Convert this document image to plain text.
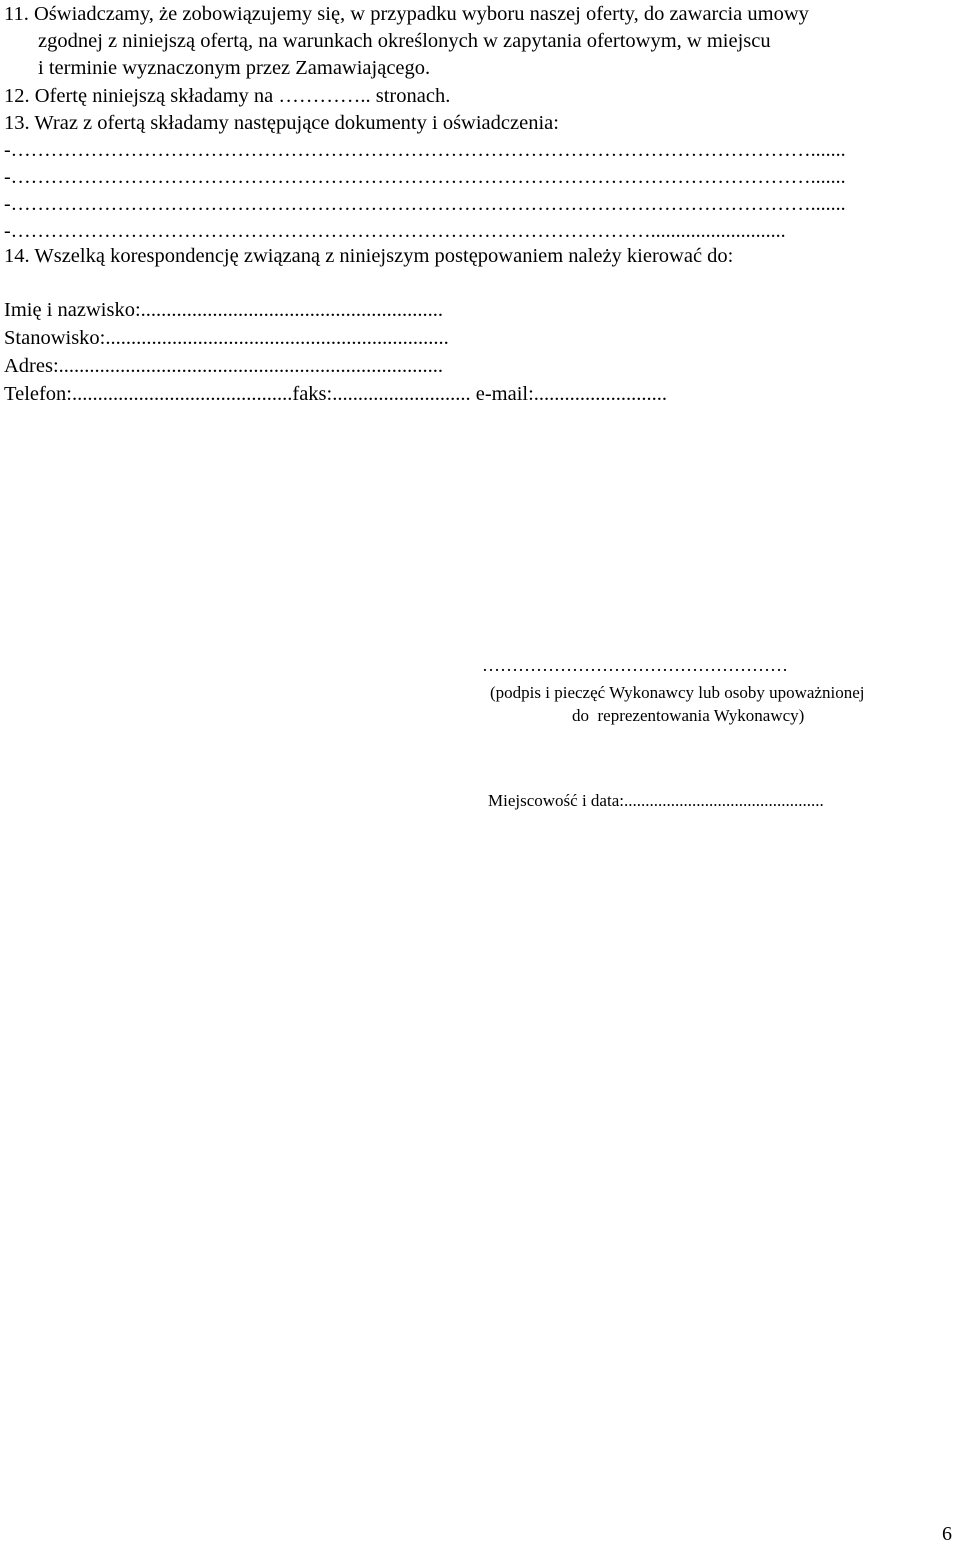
11. Oświadczamy, że zobowiązujemy się, w przypadku wyboru naszej oferty, do zawarcia umowy
zgodnej z niniejszą ofertą, na warunkach określonych w zapytania ofertowym, w miejscu
i terminie wyznaczonym przez Zamawiającego.
12. Ofertę niniejszą składamy na ………….. stronach.
13. Wraz z ofertą składamy następujące dokumenty i oświadczenia:
-………………………………………………………………………………………………………….......
-………………………………………………………………………………………………………….......
-………………………………………………………………………………………………………….......
-……………………………………………………………………………………...........................
14. Wszelką korespondencję związaną z niniejszym postępowaniem należy kierować do:
Imię i nazwisko:...........................................................
Stanowisko:...................................................................
Adres:...........................................................................
Telefon:...........................................faks:........................... e-mail:..........................
……………………………………………
(podpis i pieczęć Wykonawcy lub osoby upoważnionej
do  reprezentowania Wykonawcy)
Miejscowość i data:...............................................
6
